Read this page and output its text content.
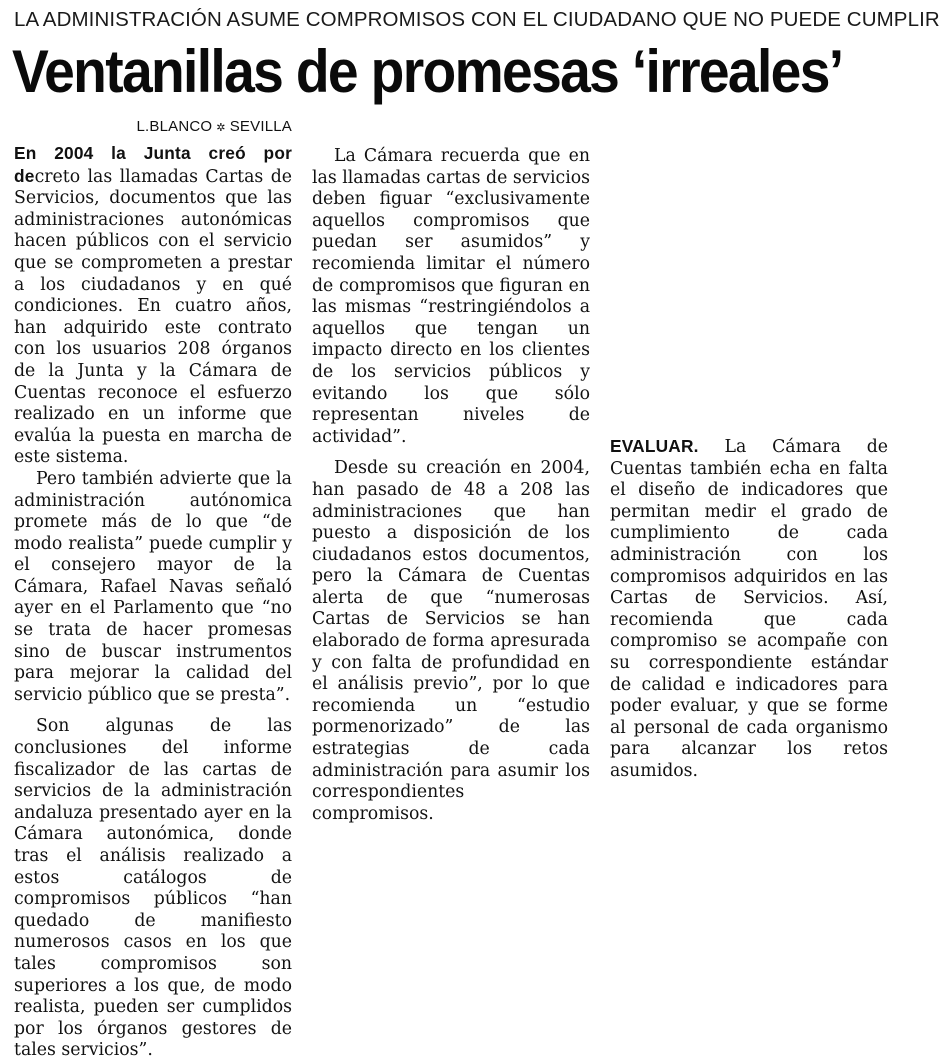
LA ADMINISTRACIÓN ASUME COMPROMISOS CON EL CIUDADANO QUE NO PUEDE CUMPLIR
Ventanillas de promesas ‘irreales’
L.BLANCO ✲ SEVILLA

En 2004 la Junta creó por decreto las llamadas Cartas de Servicios, documentos que las administraciones autonómicas hacen públicos con el servicio que se comprometen a prestar a los ciudadanos y en qué condiciones. En cuatro años, han adquirido este contrato con los usuarios 208 órganos de la Junta y la Cámara de Cuentas reconoce el esfuerzo realizado en un informe que evalúa la puesta en marcha de este sistema.

Pero también advierte que la administración autónomica promete más de lo que “de modo realista” puede cumplir y el consejero mayor de la Cámara, Rafael Navas señaló ayer en el Parlamento que “no se trata de hacer promesas sino de buscar instrumentos para mejorar la calidad del servicio público que se presta”.

Son algunas de las conclusiones del informe fiscalizador de las cartas de servicios de la administración andaluza presentado ayer en la Cámara autonómica, donde tras el análisis realizado a estos catálogos de compromisos públicos “han quedado de manifiesto numerosos casos en los que tales compromisos son superiores a los que, de modo realista, pueden ser cumplidos por los órganos gestores de tales servicios”.

La Cámara recuerda que en las llamadas cartas de servicios deben figuar “exclusivamente aquellos compromisos que puedan ser asumidos” y recomienda limitar el número de compromisos que figuran en las mismas “restringiéndolos a aquellos que tengan un impacto directo en los clientes de los servicios públicos y evitando los que sólo representan niveles de actividad”.

Desde su creación en 2004, han pasado de 48 a 208 las administraciones que han puesto a disposición de los ciudadanos estos documentos, pero la Cámara de Cuentas alerta de que “numerosas Cartas de Servicios se han elaborado de forma apresurada y con falta de profundidad en el análisis previo”, por lo que recomienda un “estudio pormenorizado” de las estrategias de cada administración para asumir los correspondientes compromisos.

EVALUAR. La Cámara de Cuentas también echa en falta el diseño de indicadores que permitan medir el grado de cumplimiento de cada administración con los compromisos adquiridos en las Cartas de Servicios. Así, recomienda que cada compromiso se acompañe con su correspondiente estándar de calidad e indicadores para poder evaluar, y que se forme al personal de cada organismo para alcanzar los retos asumidos.
